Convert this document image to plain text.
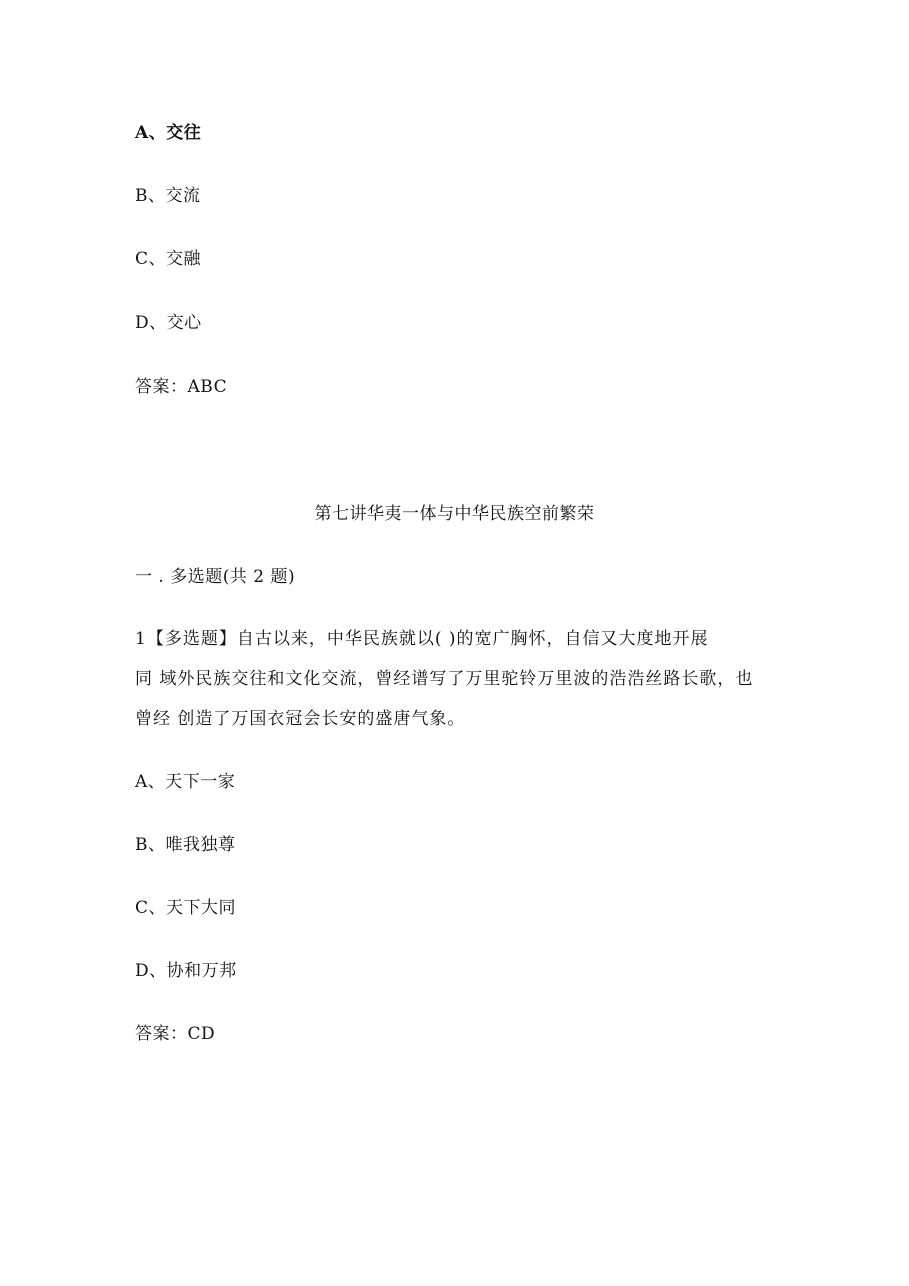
A、交往
B、交流
C、交融
D、交心
答案：ABC
第七讲华夷一体与中华民族空前繁荣
一 . 多选题(共 2 题)
1【多选题】自古以来，中华民族就以( )的宽广胸怀，自信又大度地开展
同 域外民族交往和文化交流，曾经谱写了万里驼铃万里波的浩浩丝路长歌，也
曾经 创造了万国衣冠会长安的盛唐气象。
A、天下一家
B、唯我独尊
C、天下大同
D、协和万邦
答案：CD
